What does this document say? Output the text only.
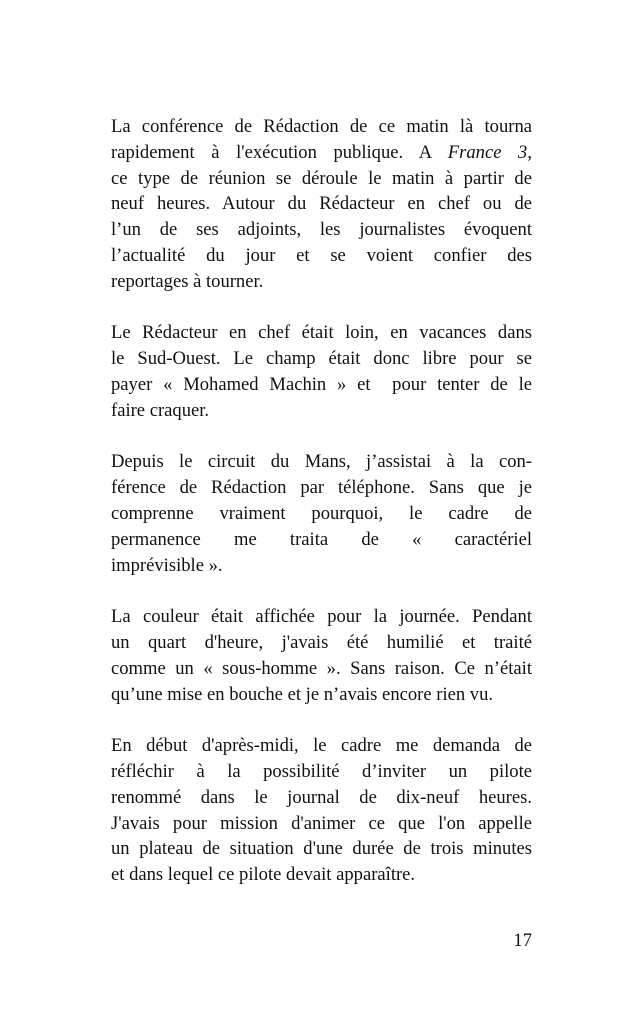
La conférence de Rédaction de ce matin là tourna
rapidement à l'exécution publique. A France 3,
ce type de réunion se déroule le matin à partir de
neuf heures. Autour du Rédacteur en chef ou de
l’un de ses adjoints, les journalistes évoquent
l’actualité du jour et se voient confier des
reportages à tourner.

Le Rédacteur en chef était loin, en vacances dans
le Sud-Ouest. Le champ était donc libre pour se
payer « Mohamed Machin » et  pour tenter de le
faire craquer.

Depuis le circuit du Mans, j’assistai à la con-
férence de Rédaction par téléphone. Sans que je
comprenne vraiment pourquoi, le cadre de
permanence me traita de « caractériel
imprévisible ».

La couleur était affichée pour la journée. Pendant
un quart d'heure, j'avais été humilié et traité
comme un « sous-homme ». Sans raison. Ce n’était
qu’une mise en bouche et je n’avais encore rien vu.

En début d'après-midi, le cadre me demanda de
réfléchir à la possibilité d’inviter un pilote
renommé dans le journal de dix-neuf heures.
J'avais pour mission d'animer ce que l'on appelle
un plateau de situation d'une durée de trois minutes
et dans lequel ce pilote devait apparaître.

17
